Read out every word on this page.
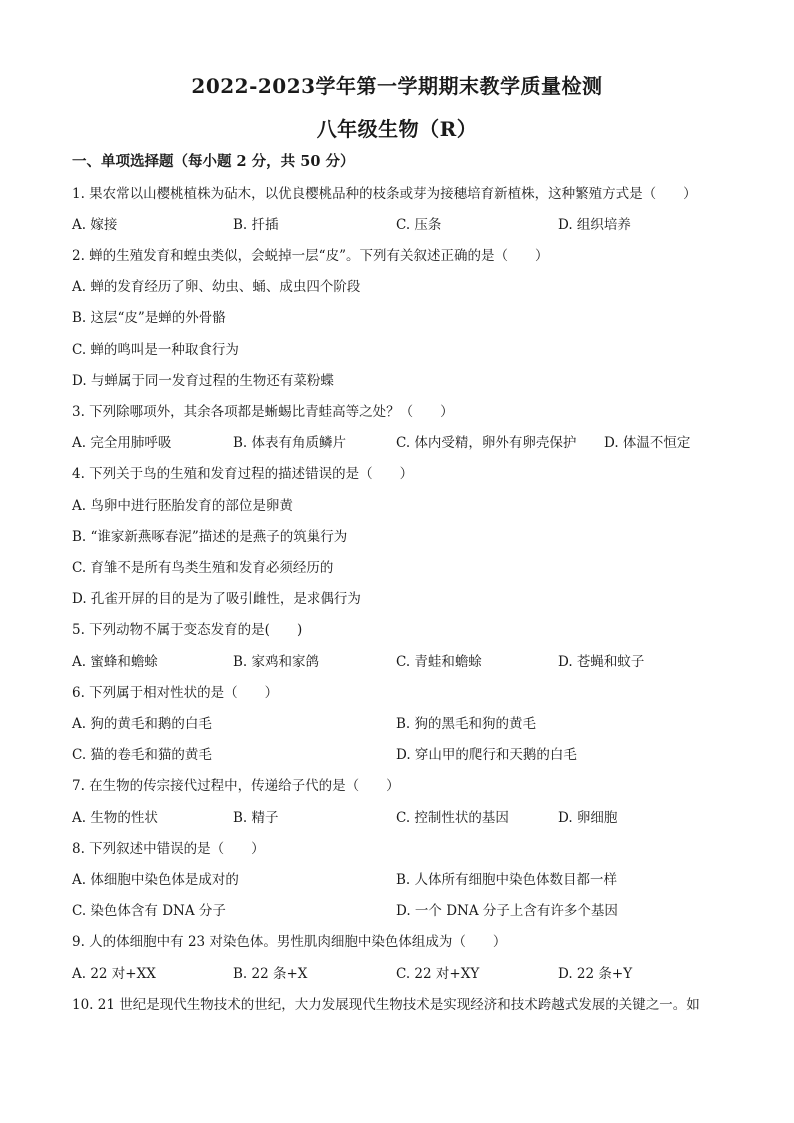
2022-2023学年第一学期期末教学质量检测
八年级生物（R）
一、单项选择题（每小题 2 分，共 50 分）
1. 果农常以山樱桃植株为砧木，以优良樱桃品种的枝条或芽为接穗培育新植株，这种繁殖方式是（　　）
A. 嫁接	B. 扦插	C. 压条	D. 组织培养
2. 蝉的生殖发育和蝗虫类似，会蜕掉一层“皮”。下列有关叙述正确的是（　　）
A. 蝉的发育经历了卵、幼虫、蛹、成虫四个阶段
B. 这层“皮”是蝉的外骨骼
C. 蝉的鸣叫是一种取食行为
D. 与蝉属于同一发育过程的生物还有菜粉蝶
3. 下列除哪项外，其余各项都是蜥蜴比青蛙高等之处？（　　）
A. 完全用肺呼吸	B. 体表有角质鳞片	C. 体内受精，卵外有卵壳保护 D. 体温不恒定
4. 下列关于鸟的生殖和发育过程的描述错误的是（　　）
A. 鸟卵中进行胚胎发育的部位是卵黄
B. “谁家新燕啄春泥”描述的是燕子的筑巢行为
C. 育雏不是所有鸟类生殖和发育必须经历的
D. 孔雀开屏的目的是为了吸引雌性，是求偶行为
5. 下列动物不属于变态发育的是(　　)
A. 蜜蜂和蟾蜍	B. 家鸡和家鸽	C. 青蛙和蟾蜍	D. 苍蝇和蚊子
6. 下列属于相对性状的是（　　）
A. 狗的黄毛和鹅的白毛	B. 狗的黑毛和狗的黄毛
C. 猫的卷毛和猫的黄毛	D. 穿山甲的爬行和天鹅的白毛
7. 在生物的传宗接代过程中，传递给子代的是（　　）
A. 生物的性状	B. 精子	C. 控制性状的基因	D. 卵细胞
8. 下列叙述中错误的是（　　）
A. 体细胞中染色体是成对的	B. 人体所有细胞中染色体数目都一样
C. 染色体含有 DNA 分子	D. 一个 DNA 分子上含有许多个基因
9. 人的体细胞中有 23 对染色体。男性肌肉细胞中染色体组成为（　　）
A. 22 对+XX	B. 22 条+X	C. 22 对+XY	D. 22 条+Y
10. 21 世纪是现代生物技术的世纪，大力发展现代生物技术是实现经济和技术跨越式发展的关键之一。如
